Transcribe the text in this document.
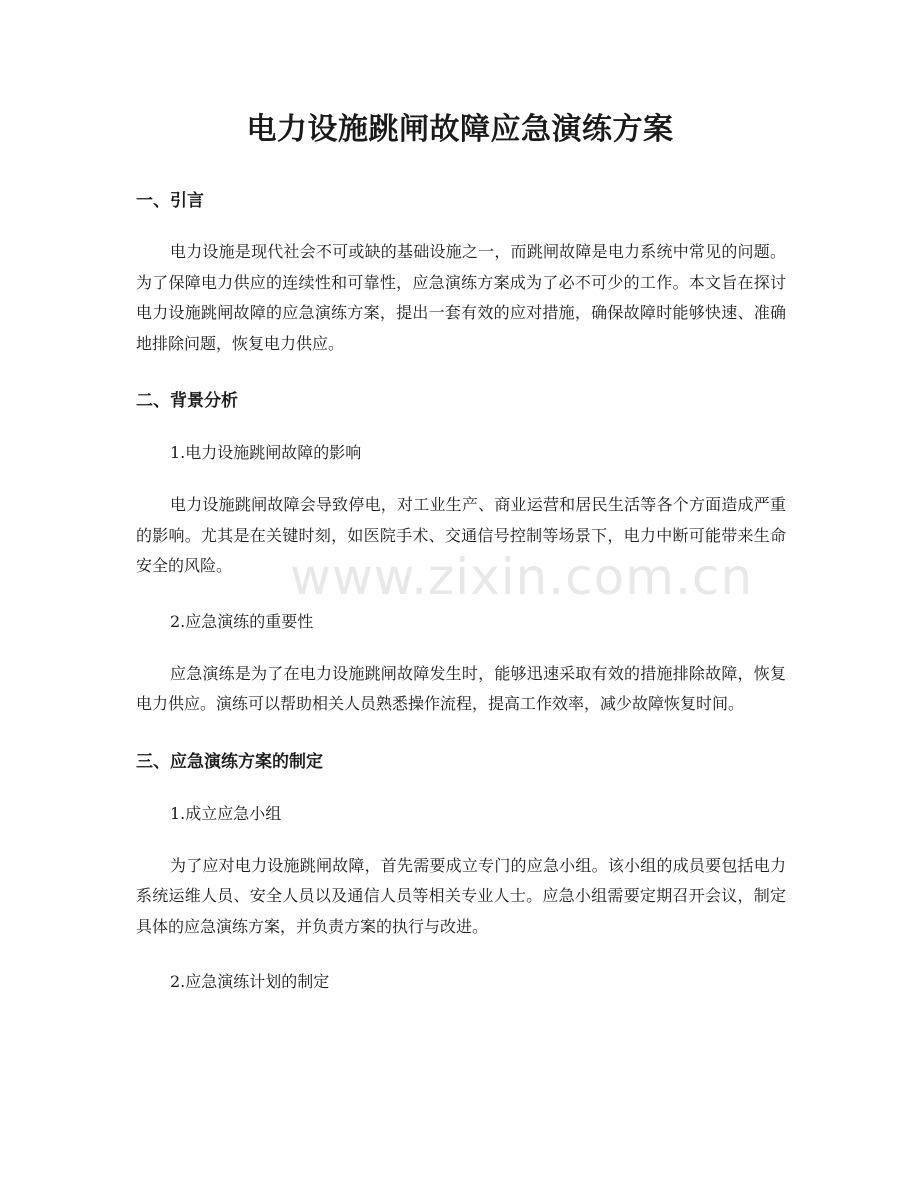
电力设施跳闸故障应急演练方案
一、引言

电力设施是现代社会不可或缺的基础设施之一，而跳闸故障是电力系统中常见的问题。为了保障电力供应的连续性和可靠性，应急演练方案成为了必不可少的工作。本文旨在探讨电力设施跳闸故障的应急演练方案，提出一套有效的应对措施，确保故障时能够快速、准确地排除问题，恢复电力供应。

二、背景分析

1.电力设施跳闸故障的影响

电力设施跳闸故障会导致停电，对工业生产、商业运营和居民生活等各个方面造成严重的影响。尤其是在关键时刻，如医院手术、交通信号控制等场景下，电力中断可能带来生命安全的风险。

2.应急演练的重要性

应急演练是为了在电力设施跳闸故障发生时，能够迅速采取有效的措施排除故障，恢复电力供应。演练可以帮助相关人员熟悉操作流程，提高工作效率，减少故障恢复时间。

三、应急演练方案的制定

1.成立应急小组

为了应对电力设施跳闸故障，首先需要成立专门的应急小组。该小组的成员要包括电力系统运维人员、安全人员以及通信人员等相关专业人士。应急小组需要定期召开会议，制定具体的应急演练方案，并负责方案的执行与改进。

2.应急演练计划的制定

www.zixin.com.cn
